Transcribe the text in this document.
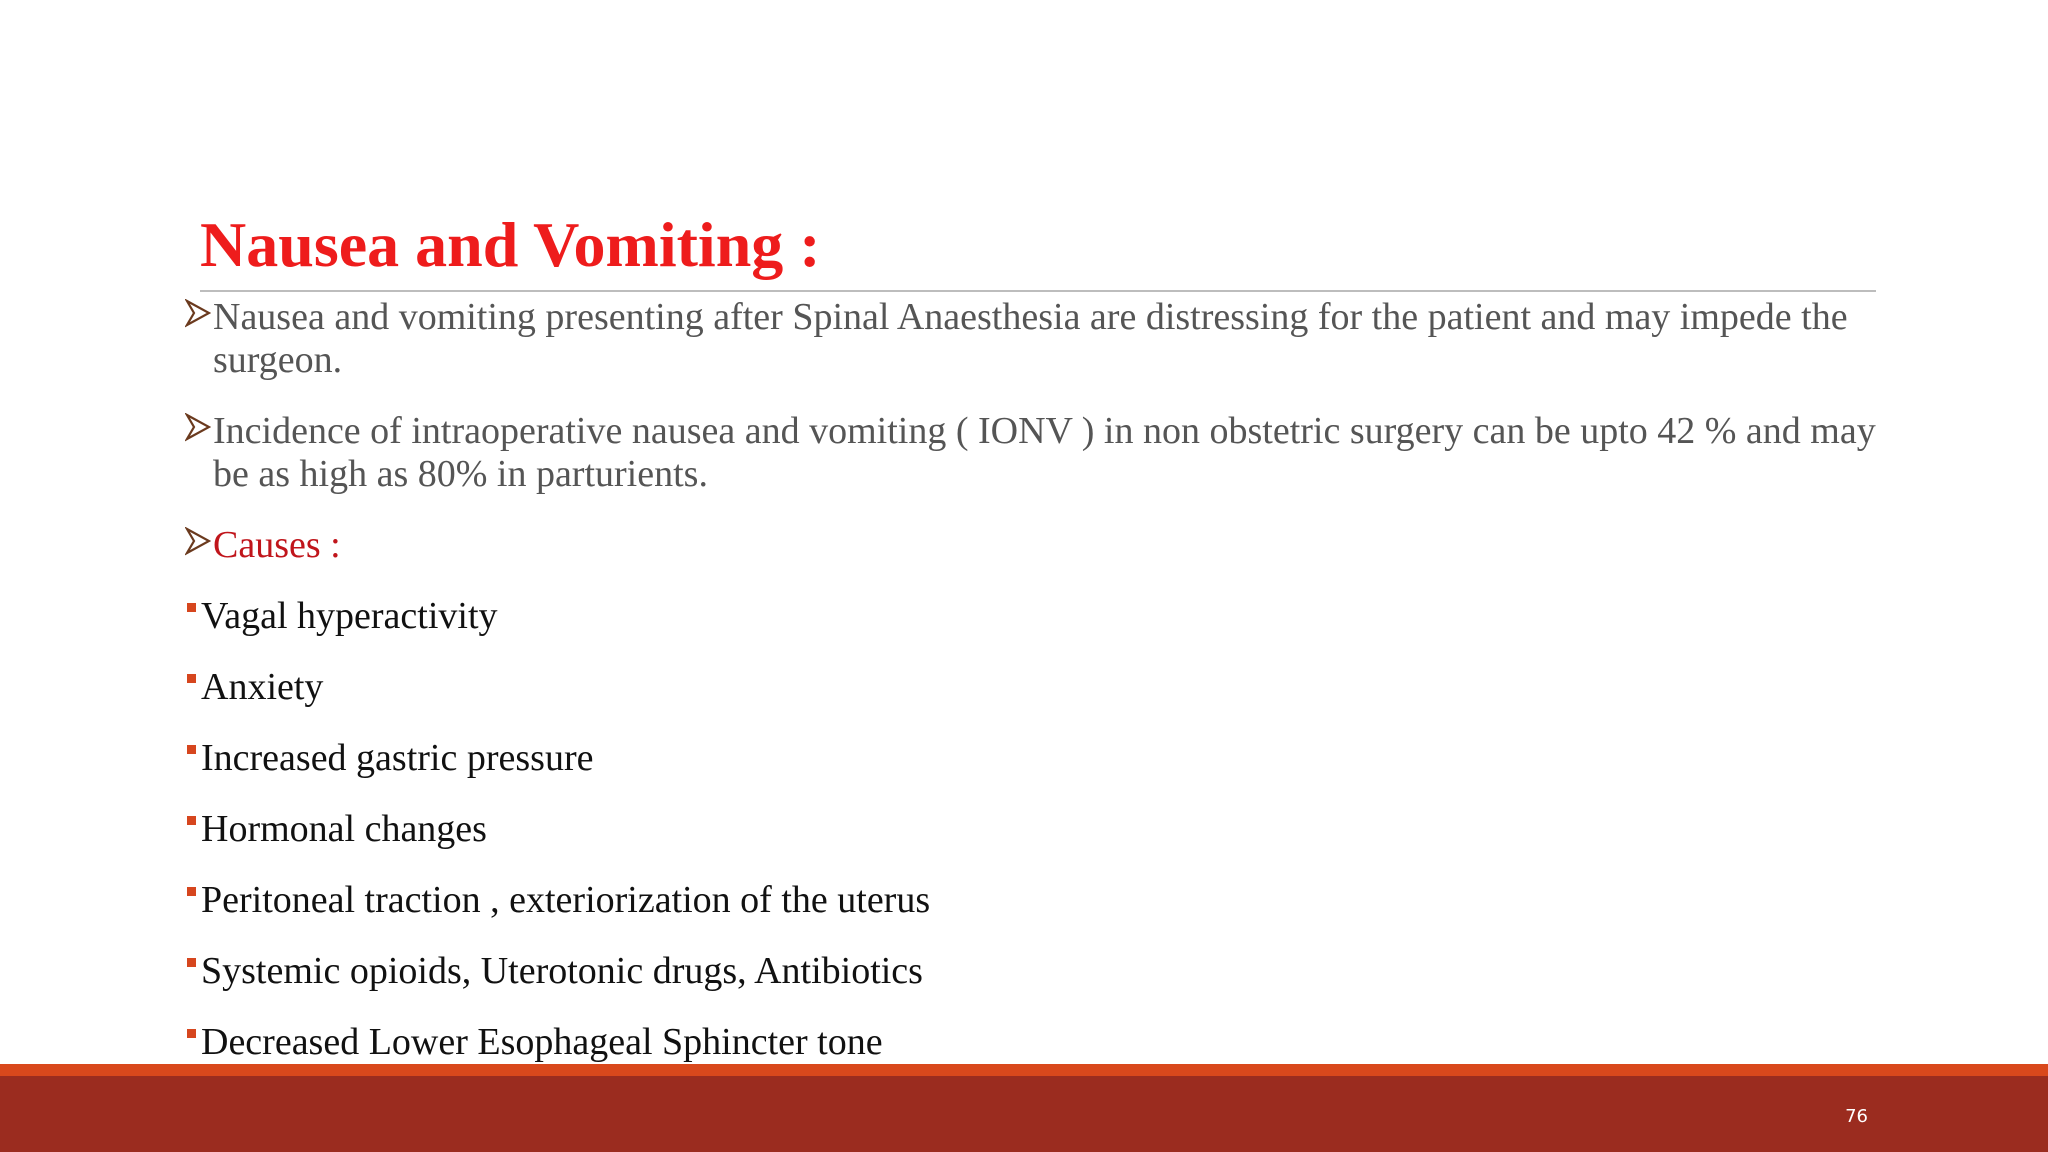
Nausea and Vomiting :
Nausea and vomiting presenting after Spinal Anaesthesia are distressing for the patient and may impede the surgeon.
Incidence of intraoperative nausea and vomiting ( IONV ) in non obstetric surgery can be upto 42 % and may be as high as 80% in parturients.
Causes :
Vagal hyperactivity
Anxiety
Increased gastric pressure
Hormonal changes
Peritoneal traction , exteriorization of the uterus
Systemic opioids, Uterotonic drugs, Antibiotics
Decreased Lower Esophageal Sphincter tone
76
